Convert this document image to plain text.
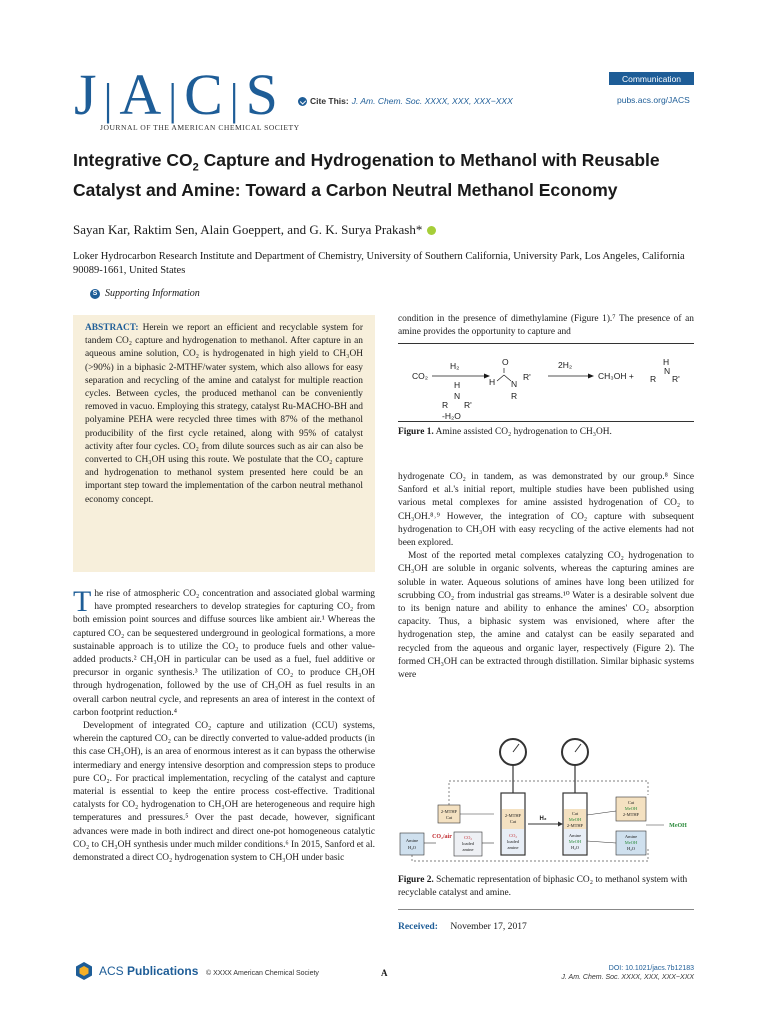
J | A | C | S
JOURNAL OF THE AMERICAN CHEMICAL SOCIETY
Cite This: J. Am. Chem. Soc. XXXX, XXX, XXX−XXX
Communication
pubs.acs.org/JACS
Integrative $CO_2$ Capture and Hydrogenation to Methanol with Reusable Catalyst and Amine: Toward a Carbon Neutral Methanol Economy
Sayan Kar, Raktim Sen, Alain Goeppert, and G. K. Surya Prakash*
Loker Hydrocarbon Research Institute and Department of Chemistry, University of Southern California, University Park, Los Angeles, California 90089-1661, United States
S Supporting Information
ABSTRACT: Herein we report an efficient and recyclable system for tandem CO₂ capture and hydrogenation to methanol. After capture in an aqueous amine solution, CO₂ is hydrogenated in high yield to CH₃OH (>90%) in a biphasic 2-MTHF/water system, which also allows for easy separation and recycling of the amine and catalyst for multiple reaction cycles. Between cycles, the produced methanol can be conveniently removed in vacuo. Employing this strategy, catalyst Ru-MACHO-BH and polyamine PEHA were recycled three times with 87% of the methanol producibility of the first cycle retained, along with 95% of catalyst activity after four cycles. CO₂ from dilute sources such as air can also be converted to CH₃OH using this route. We postulate that the CO₂ capture and hydrogenation to methanol system presented here could be an important step toward the implementation of the carbon neutral methanol economy concept.

T he rise of atmospheric CO₂ concentration and associated global warming have prompted researchers to develop strategies for capturing CO₂ from both emission point sources and diffuse sources like ambient air.¹ Whereas the captured CO₂ can be sequestered underground in geological formations, a more sustainable approach is to utilize the CO₂ to produce fuels and other value-added products.² CH₃OH in particular can be used as a fuel, fuel additive or precursor in organic synthesis.³ The utilization of CO₂ to produce CH₃OH through hydrogenation, followed by the use of CH₃OH as fuel results in an overall carbon neutral cycle, and represents an area of interest in the context of carbon footprint reduction.⁴

Development of integrated CO₂ capture and utilization (CCU) systems, wherein the captured CO₂ can be directly converted to value-added products (in this case CH₃OH), is an area of enormous interest as it can bypass the otherwise intermediary and energy intensive desorption and compression steps to produce pure CO₂. For practical implementation, recycling of the catalyst and capture material is essential to keep the entire process cost-effective. Traditional catalysts for CO₂ hydrogenation to CH₃OH are heterogeneous and require high temperatures and pressures.⁵ Over the past decade, however, significant advances were made in both indirect and direct one-pot homogeneous catalytic CO₂ to CH₃OH synthesis under much milder conditions.⁶ In 2015, Sanford et al. demonstrated a direct CO₂ hydrogenation system to CH₃OH under basic

condition in the presence of dimethylamine (Figure 1).⁷ The presence of an amine provides the opportunity to capture and

CO₂
H₂
H
N
R R'
-H₂O
O
H N
R'
R
2H₂
CH₃OH +
H
N
R R'
Figure 1. Amine assisted CO₂ hydrogenation to CH₃OH.

hydrogenate CO₂ in tandem, as was demonstrated by our group.⁸ Since Sanford et al.'s initial report, multiple studies have been published using various metal complexes for amine assisted hydrogenation of CO₂ to CH₃OH.⁸˒⁹ However, the integration of CO₂ capture with subsequent hydrogenation to CH₃OH with easy recycling of the active elements had not been explored.

Most of the reported metal complexes catalyzing CO₂ hydrogenation to CH₃OH are soluble in organic solvents, whereas the capturing amines are soluble in water. Aqueous solutions of amines have long been utilized for scrubbing CO₂ from industrial gas streams.¹⁰ Water is a desirable solvent due to its benign nature and ability to enhance the amines' CO₂ absorption capacity. Thus, a biphasic system was envisioned, where after the hydrogenation step, the amine and catalyst can be easily separated and recycled from the aqueous and organic layer, respectively (Figure 2). The formed CH₃OH can be extracted through distillation. Similar biphasic systems were

2-MTHF
Cat
Amine
H₂O
CO₂/air	CO₂
loaded
amine
2-MTHF
Cat
CO₂
loaded
amine
H₂
Cat
MeOH
2-MTHF
Amine
MeOH
H₂O
Cat
MeOH
2-MTHF
Amine
MeOH
H₂O
MeOH
Figure 2. Schematic representation of biphasic CO₂ to methanol system with recyclable catalyst and amine.
Received: November 17, 2017
ACS Publications © XXXX American Chemical Society	A	DOI: 10.1021/jacs.7b12183
J. Am. Chem. Soc. XXXX, XXX, XXX−XXX
